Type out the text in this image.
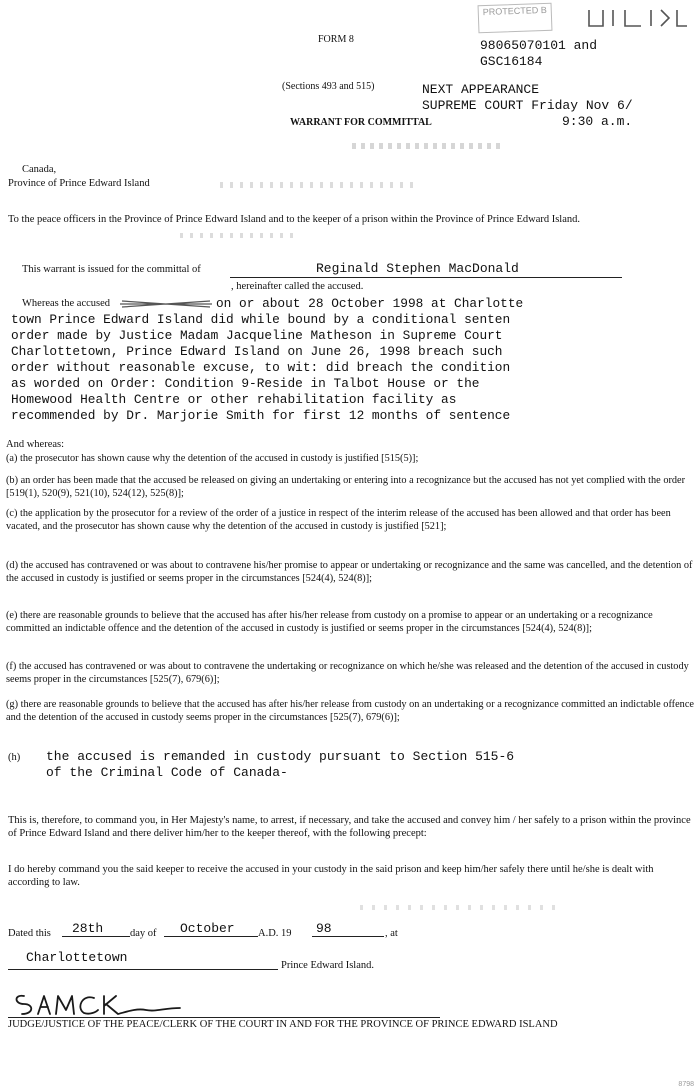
PROTECTED B
FORM 8	98065070101 and
GSC16184
(Sections 493 and 515)	NEXT APPEARANCE
SUPREME COURT Friday Nov 6/
9:30 a.m.
WARRANT FOR COMMITTAL
Canada,
Province of Prince Edward Island
To the peace officers in the Province of Prince Edward Island and to the keeper of a prison within the Province of Prince Edward Island.
This warrant is issued for the committal of	Reginald Stephen MacDonald
, hereinafter called the accused.
Whereas the accused	on or about 28 October 1998 at Charlotte
town Prince Edward Island did while bound by a conditional senten
order made by Justice Madam Jacqueline Matheson in Supreme Court
Charlottetown, Prince Edward Island on June 26, 1998 breach such
order without reasonable excuse, to wit: did breach the condition
as worded on Order: Condition 9-Reside in Talbot House or the
Homewood Health Centre or other rehabilitation facility as
recommended by Dr. Marjorie Smith for first 12 months of sentence
And whereas:
(a) the prosecutor has shown cause why the detention of the accused in custody is justified [515(5)];
(b) an order has been made that the accused be released on giving an undertaking or entering into a recognizance but the accused has not yet complied with the order [519(1), 520(9), 521(10), 524(12), 525(8)];
(c) the application by the prosecutor for a review of the order of a justice in respect of the interim release of the accused has been allowed and that order has been vacated, and the prosecutor has shown cause why the detention of the accused in custody is justified [521];
(d) the accused has contravened or was about to contravene his/her promise to appear or undertaking or recognizance and the same was cancelled, and the detention of the accused in custody is justified or seems proper in the circumstances [524(4), 524(8)];
(e) there are reasonable grounds to believe that the accused has after his/her release from custody on a promise to appear or an undertaking or a recognizance committed an indictable offence and the detention of the accused in custody is justified or seems proper in the circumstances [524(4), 524(8)];
(f) the accused has contravened or was about to contravene the undertaking or recognizance on which he/she was released and the detention of the accused in custody seems proper in the circumstances [525(7), 679(6)];
(g) there are reasonable grounds to believe that the accused has after his/her release from custody on an undertaking or a recognizance committed an indictable offence and the detention of the accused in custody seems proper in the circumstances [525(7), 679(6)];
(h) the accused is remanded in custody pursuant to Section 515-6
of the Criminal Code of Canada-
This is, therefore, to command you, in Her Majesty's name, to arrest, if necessary, and take the accused and convey him / her safely to a prison within the province of Prince Edward Island and there deliver him/her to the keeper thereof, with the following precept:
I do hereby command you the said keeper to receive the accused in your custody in the said prison and keep him/her safely there until he/she is dealt with according to law.
Dated this 28th	day of October A.D. 19 98	, at
Charlottetown
Prince Edward Island.
JUDGE/JUSTICE OF THE PEACE/CLERK OF THE COURT IN AND FOR THE PROVINCE OF PRINCE EDWARD ISLAND
8798
